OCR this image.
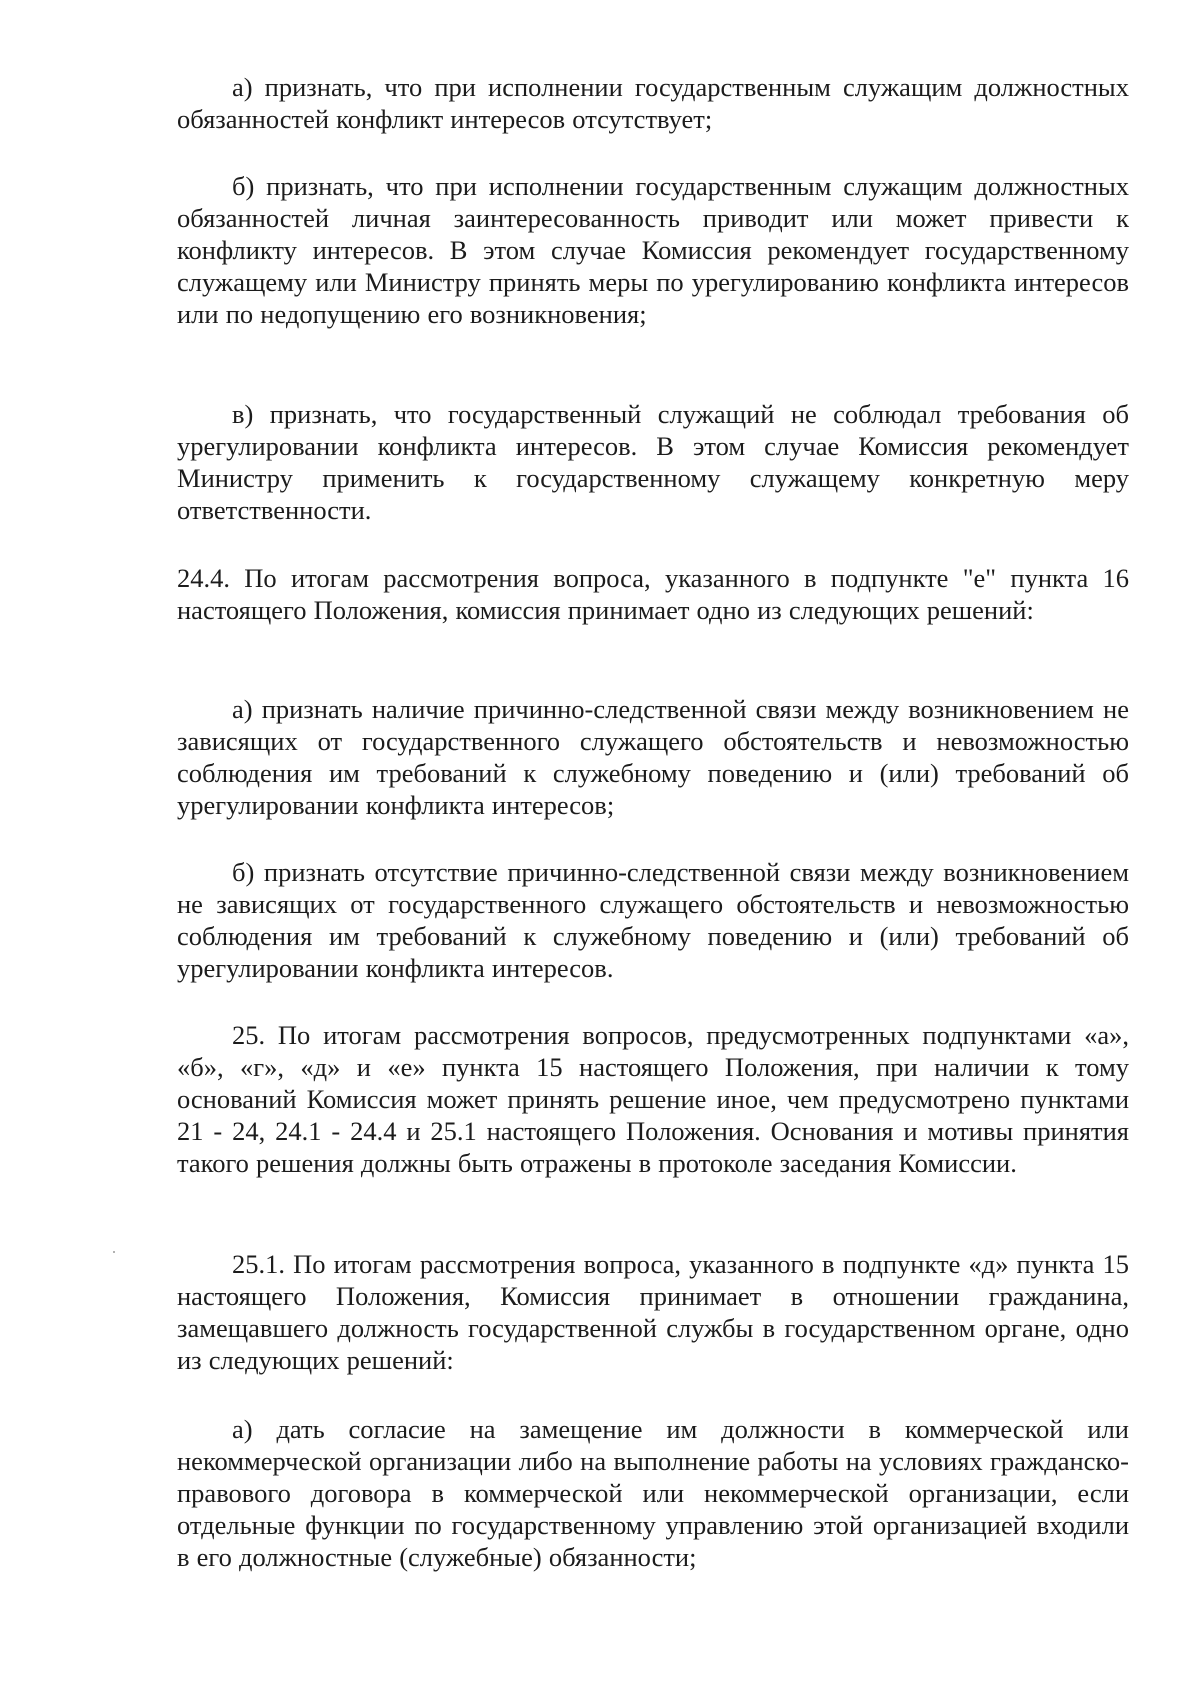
а) признать, что при исполнении государственным служащим должностных обязанностей конфликт интересов отсутствует;

б) признать, что при исполнении государственным служащим должностных обязанностей личная заинтересованность приводит или может привести к конфликту интересов. В этом случае Комиссия рекомендует государственному служащему или Министру принять меры по урегулированию конфликта интересов или по недопущению его возникновения;

в) признать, что государственный служащий не соблюдал требования об урегулировании конфликта интересов. В этом случае Комиссия рекомендует Министру применить к государственному служащему конкретную меру ответственности.

24.4. По итогам рассмотрения вопроса, указанного в подпункте "е" пункта 16 настоящего Положения, комиссия принимает одно из следующих решений:

а) признать наличие причинно-следственной связи между возникновением не зависящих от государственного служащего обстоятельств и невозможностью соблюдения им требований к служебному поведению и (или) требований об урегулировании конфликта интересов;

б) признать отсутствие причинно-следственной связи между возникновением не зависящих от государственного служащего обстоятельств и невозможностью соблюдения им требований к служебному поведению и (или) требований об урегулировании конфликта интересов.

25. По итогам рассмотрения вопросов, предусмотренных подпунктами «а», «б», «г», «д» и «е» пункта 15 настоящего Положения, при наличии к тому оснований Комиссия может принять решение иное, чем предусмотрено пунктами 21 - 24, 24.1 - 24.4 и 25.1 настоящего Положения. Основания и мотивы принятия такого решения должны быть отражены в протоколе заседания Комиссии.

25.1. По итогам рассмотрения вопроса, указанного в подпункте «д» пункта 15 настоящего Положения, Комиссия принимает в отношении гражданина, замещавшего должность государственной службы в государственном органе, одно из следующих решений:

а) дать согласие на замещение им должности в коммерческой или некоммерческой организации либо на выполнение работы на условиях гражданско-правового договора в коммерческой или некоммерческой организации, если отдельные функции по государственному управлению этой организацией входили в его должностные (служебные) обязанности;
